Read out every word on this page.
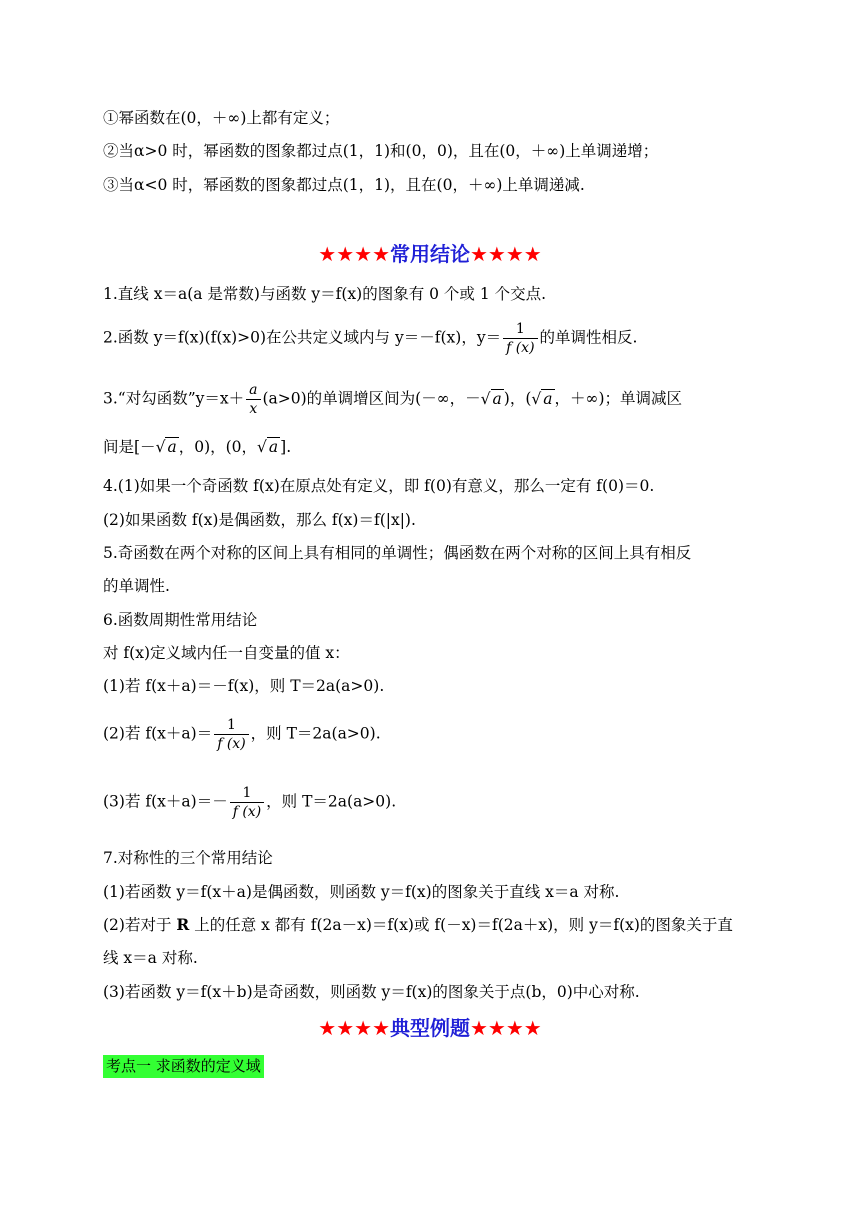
①幂函数在(0，＋∞)上都有定义；
②当α>0 时，幂函数的图象都过点(1，1)和(0，0)，且在(0，＋∞)上单调递增；
③当α<0 时，幂函数的图象都过点(1，1)，且在(0，＋∞)上单调递减.
★★★★常用结论★★★★
1.直线 x＝a(a 是常数)与函数 y＝f(x)的图象有 0 个或 1 个交点.
2.函数 y＝f(x)(f(x)>0)在公共定义域内与 y＝－f(x)，$y= \frac{1}{f (x)}$ 的单调性相反.
3.“对勾函数”y＝x＋ $\frac{a}{x} (a>0)$的单调增区间为(－∞，－√ a )，(√ a ，＋∞)；单调减区
间是[－√ a ，0)，(0，√ a ].
4.(1)如果一个奇函数 f(x)在原点处有定义，即 f(0)有意义，那么一定有 f(0)＝0.
(2)如果函数 f(x)是偶函数，那么 f(x)＝f(|x|).
5.奇函数在两个对称的区间上具有相同的单调性；偶函数在两个对称的区间上具有相反
的单调性.
6.函数周期性常用结论
对 f(x)定义域内任一自变量的值 x：
(1)若 f(x＋a)＝－f(x)，则 T＝2a(a>0).
(2)若 $f(x+a)= \frac{1}{f (x)}$ ，则 T＝2a(a>0).
(3)若 $f(x+a)=- \frac{1}{f (x)}$ ，则 T＝2a(a>0).
7.对称性的三个常用结论
(1)若函数 y＝f(x＋a)是偶函数，则函数 y＝f(x)的图象关于直线 x＝a 对称.
(2)若对于 R 上的任意 x 都有 f(2a－x)＝f(x)或 f(－x)＝f(2a＋x)，则 y＝f(x)的图象关于直
线 x＝a 对称.
(3)若函数 y＝f(x＋b)是奇函数，则函数 y＝f(x)的图象关于点(b，0)中心对称.
★★★★典型例题★★★★
考点一 求函数的定义域
